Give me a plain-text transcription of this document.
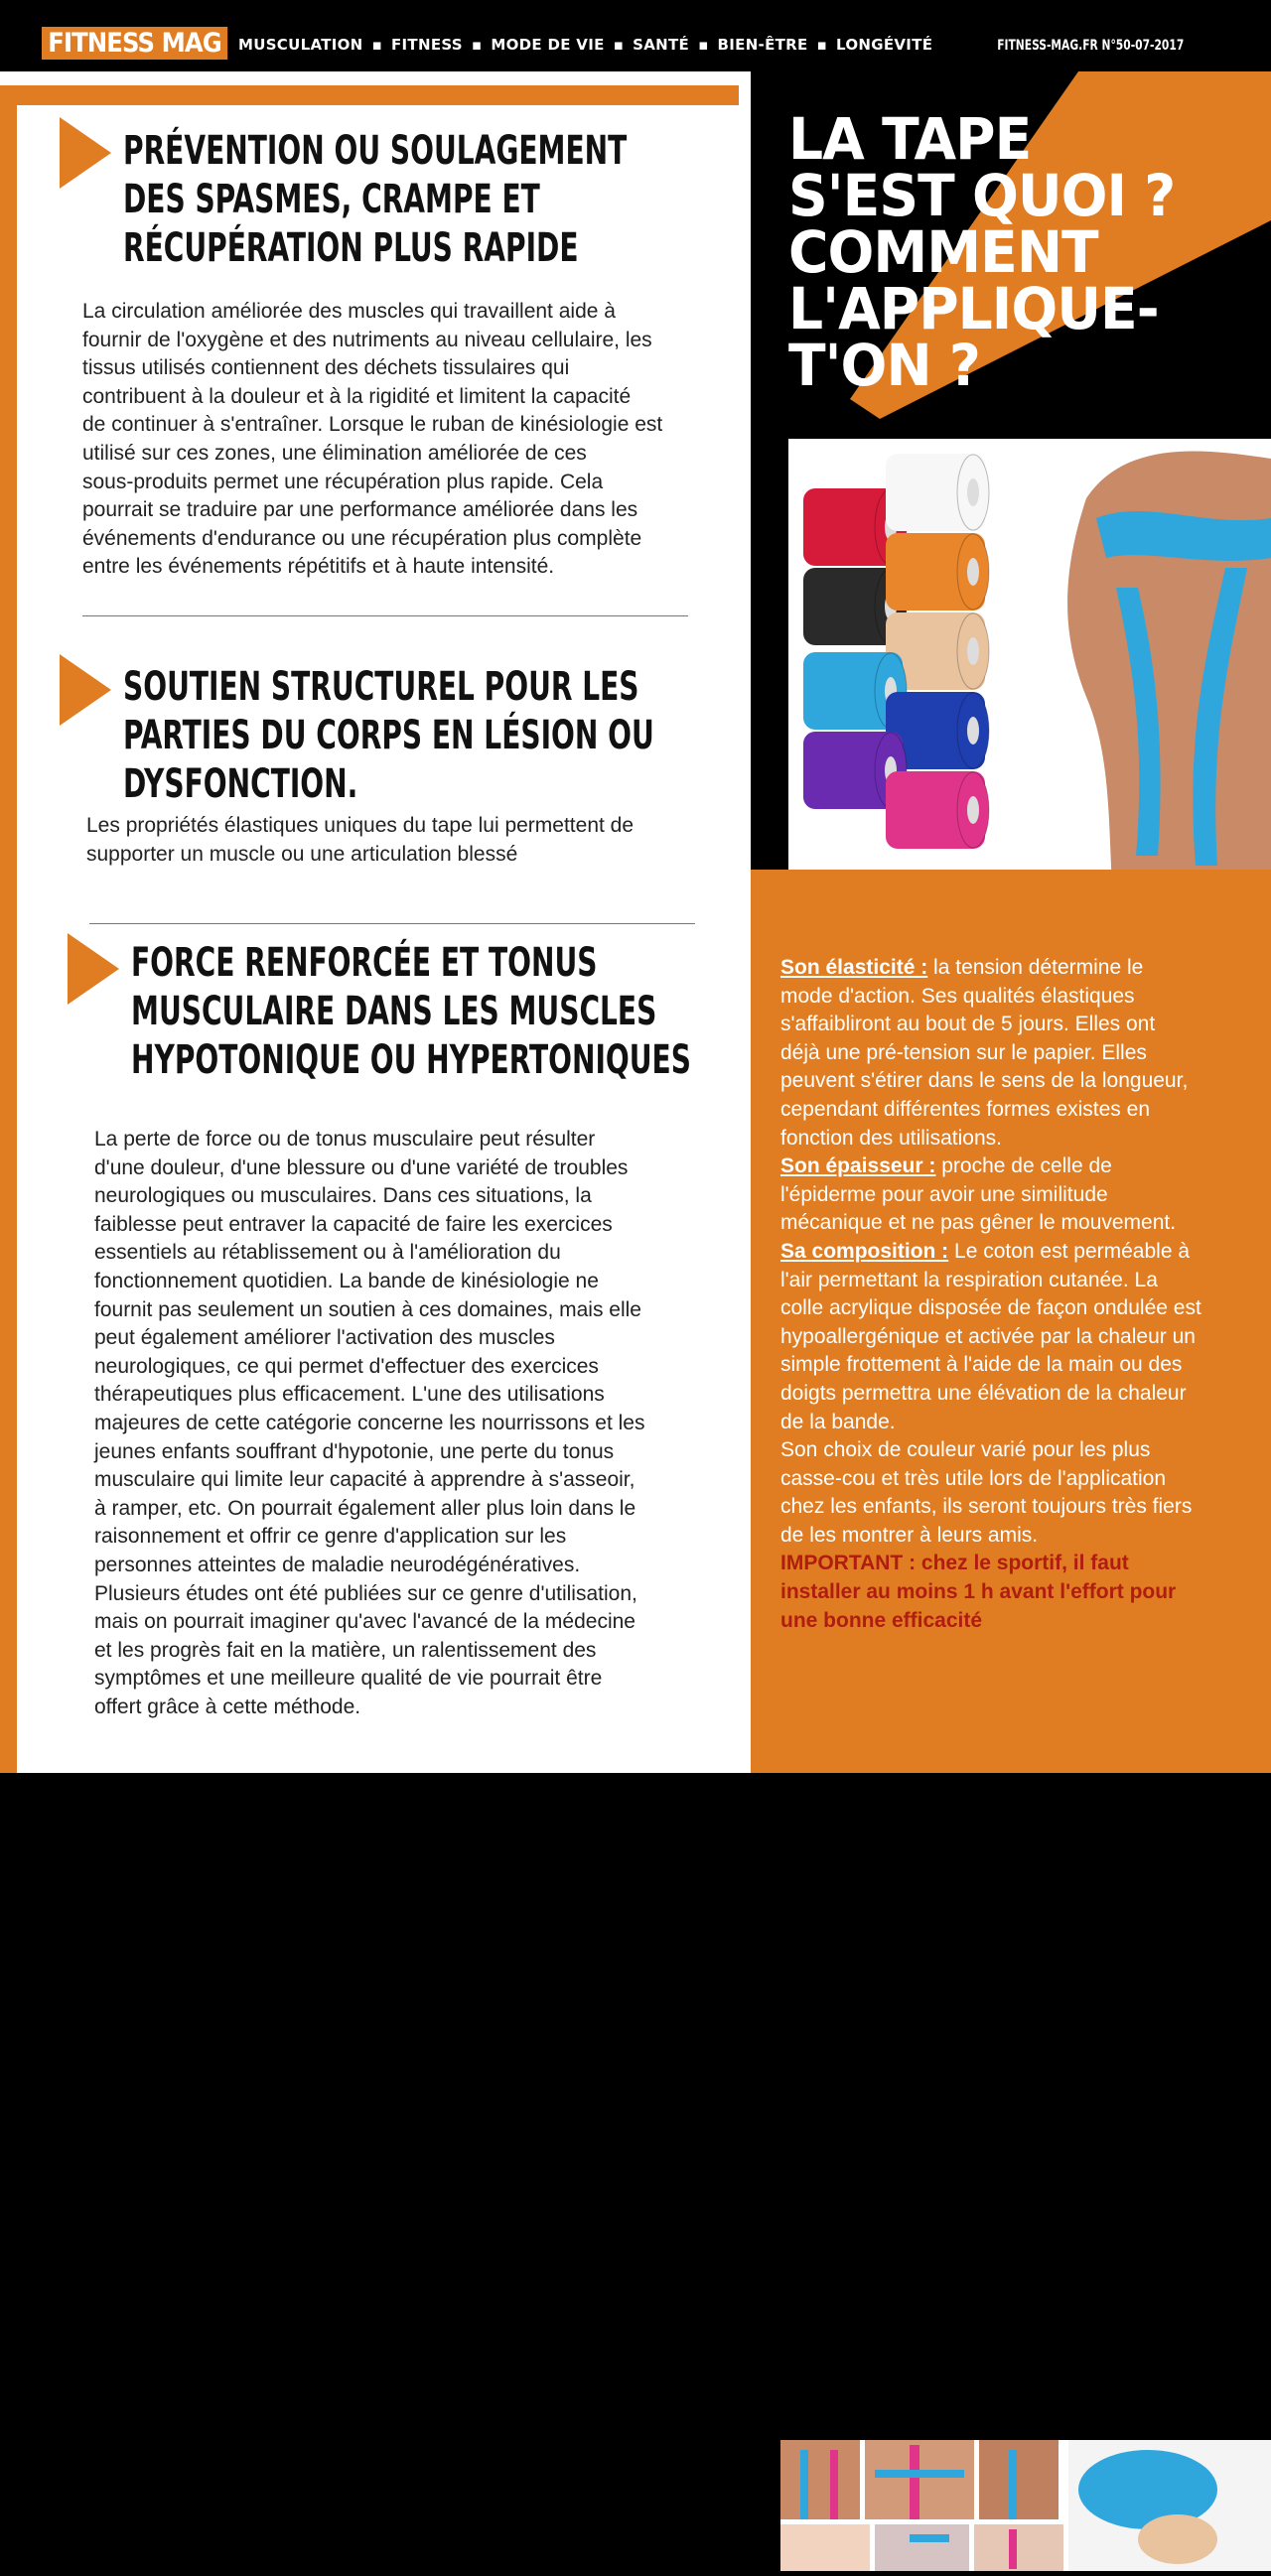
FITNESS MAG	MUSCULATION ▪ FITNESS ▪ MODE DE VIE ▪ SANTÉ ▪ BIEN-ÊTRE ▪ LONGÉVITÉ	FITNESS-MAG.FR N°50-07-2017
PRÉVENTION OU SOULAGEMENT
DES SPASMES, CRAMPE ET
RÉCUPÉRATION PLUS RAPIDE
La circulation améliorée des muscles qui travaillent aide à
fournir de l'oxygène et des nutriments au niveau cellulaire, les
tissus utilisés contiennent des déchets tissulaires qui
contribuent à la douleur et à la rigidité et limitent la capacité
de continuer à s'entraîner. Lorsque le ruban de kinésiologie est
utilisé sur ces zones, une élimination améliorée de ces
sous-produits permet une récupération plus rapide. Cela
pourrait se traduire par une performance améliorée dans les
événements d'endurance ou une récupération plus complète
entre les événements répétitifs et à haute intensité.
SOUTIEN STRUCTUREL POUR LES
PARTIES DU CORPS EN LÉSION OU
DYSFONCTION.
Les propriétés élastiques uniques du tape lui permettent de
supporter un muscle ou une articulation blessé
FORCE RENFORCÉE ET TONUS
MUSCULAIRE DANS LES MUSCLES
HYPOTONIQUE OU HYPERTONIQUES
La perte de force ou de tonus musculaire peut résulter
d'une douleur, d'une blessure ou d'une variété de troubles
neurologiques ou musculaires. Dans ces situations, la
faiblesse peut entraver la capacité de faire les exercices
essentiels au rétablissement ou à l'amélioration du
fonctionnement quotidien. La bande de kinésiologie ne
fournit pas seulement un soutien à ces domaines, mais elle
peut également améliorer l'activation des muscles
neurologiques, ce qui permet d'effectuer des exercices
thérapeutiques plus efficacement. L'une des utilisations
majeures de cette catégorie concerne les nourrissons et les
jeunes enfants souffrant d'hypotonie, une perte du tonus
musculaire qui limite leur capacité à apprendre à s'asseoir,
à ramper, etc. On pourrait également aller plus loin dans le
raisonnement et offrir ce genre d'application sur les
personnes atteintes de maladie neurodégénératives.
Plusieurs études ont été publiées sur ce genre d'utilisation,
mais on pourrait imaginer qu'avec l'avancé de la médecine
et les progrès fait en la matière, un ralentissement des
symptômes et une meilleure qualité de vie pourrait être
offert grâce à cette méthode.
LA TAPE
S'EST QUOI ?
COMMENT
L'APPLIQUE-
T'ON ?
Son élasticité : la tension détermine le
mode d'action. Ses qualités élastiques
s'affaibliront au bout de 5 jours. Elles ont
déjà une pré-tension sur le papier. Elles
peuvent s'étirer dans le sens de la longueur,
cependant différentes formes existes en
fonction des utilisations.
Son épaisseur : proche de celle de
l'épiderme pour avoir une similitude
mécanique et ne pas gêner le mouvement.
Sa composition : Le coton est perméable à
l'air permettant la respiration cutanée. La
colle acrylique disposée de façon ondulée est
hypoallergénique et activée par la chaleur un
simple frottement à l'aide de la main ou des
doigts permettra une élévation de la chaleur
de la bande.
Son choix de couleur varié pour les plus
casse-cou et très utile lors de l'application
chez les enfants, ils seront toujours très fiers
de les montrer à leurs amis.
IMPORTANT : chez le sportif, il faut
installer au moins 1 h avant l'effort pour
une bonne efficacité
